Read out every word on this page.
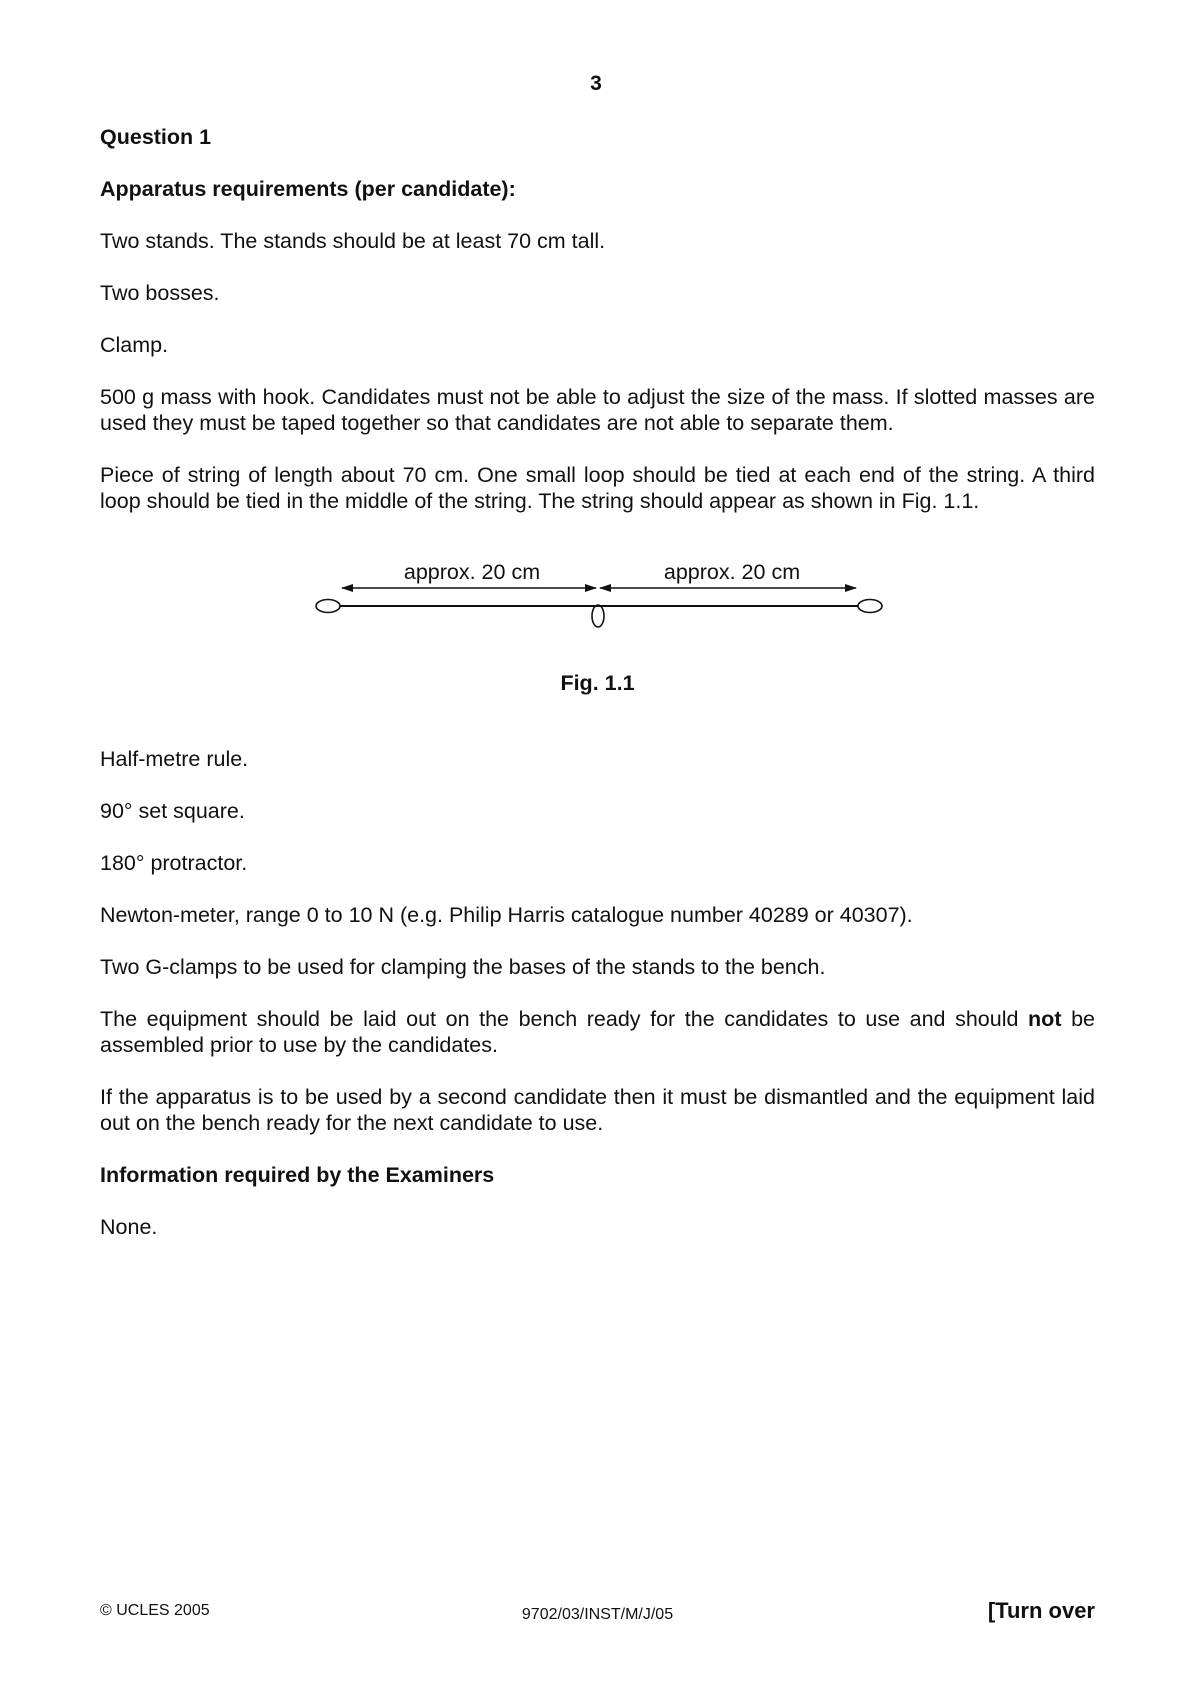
3
Question 1
Apparatus requirements (per candidate):

Two stands. The stands should be at least 70 cm tall.

Two bosses.

Clamp.

500 g mass with hook. Candidates must not be able to adjust the size of the mass. If slotted masses are used they must be taped together so that candidates are not able to separate them.

Piece of string of length about 70 cm. One small loop should be tied at each end of the string. A third loop should be tied in the middle of the string. The string should appear as shown in Fig. 1.1.

approx. 20 cm	approx. 20 cm
Fig. 1.1

Half-metre rule.

90° set square.

180° protractor.

Newton-meter, range 0 to 10 N (e.g. Philip Harris catalogue number 40289 or 40307).

Two G-clamps to be used for clamping the bases of the stands to the bench.

The equipment should be laid out on the bench ready for the candidates to use and should not be assembled prior to use by the candidates.

If the apparatus is to be used by a second candidate then it must be dismantled and the equipment laid out on the bench ready for the next candidate to use.

Information required by the Examiners

None.

© UCLES 2005	9702/03/INST/M/J/05	[Turn over
